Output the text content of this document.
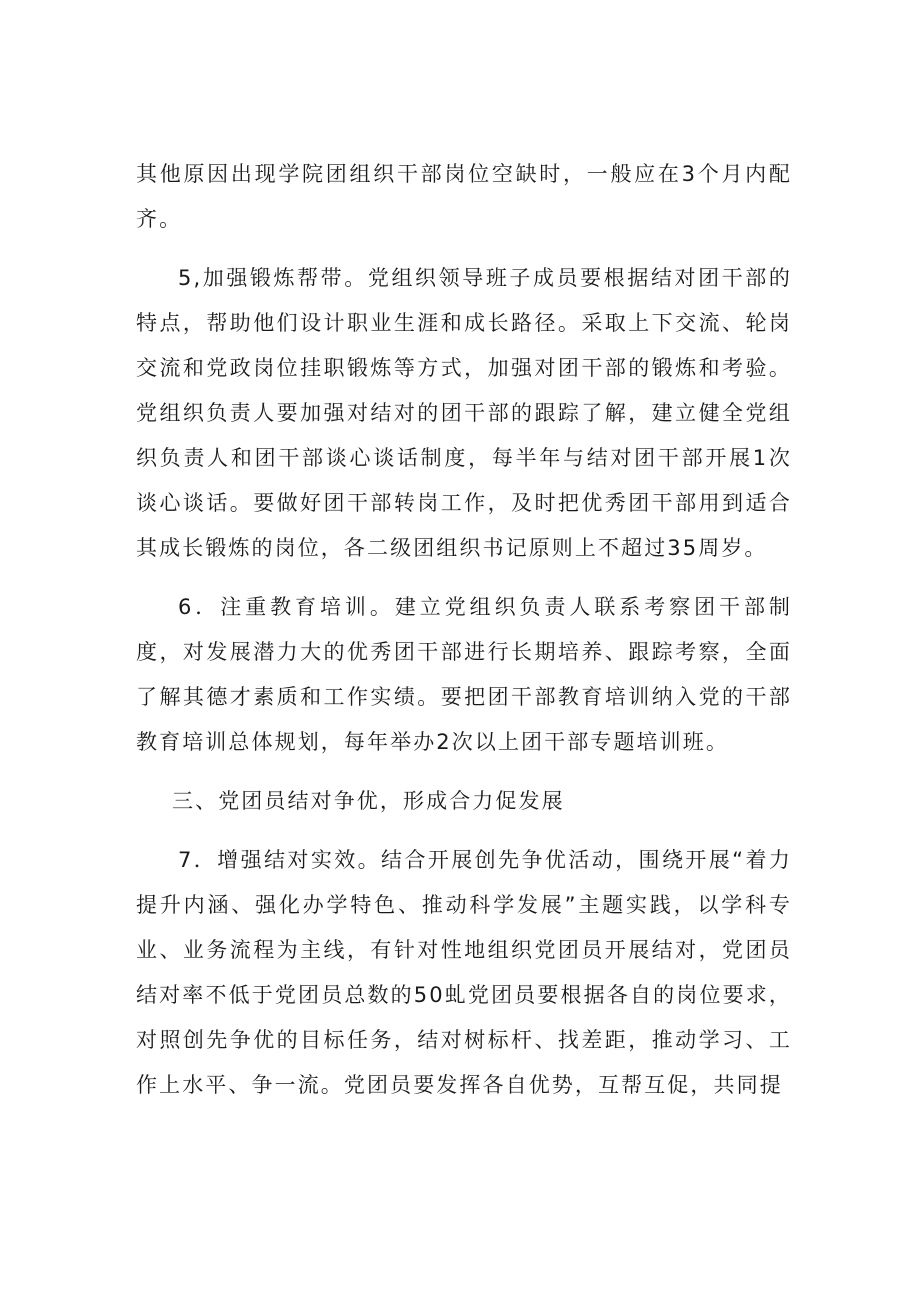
其他原因出现学院团组织干部岗位空缺时，一般应在3个月内配齐。

5,加强锻炼帮带。党组织领导班子成员要根据结对团干部的特点，帮助他们设计职业生涯和成长路径。采取上下交流、轮岗交流和党政岗位挂职锻炼等方式，加强对团干部的锻炼和考验。党组织负责人要加强对结对的团干部的跟踪了解，建立健全党组织负责人和团干部谈心谈话制度，每半年与结对团干部开展1次谈心谈话。要做好团干部转岗工作，及时把优秀团干部用到适合其成长锻炼的岗位，各二级团组织书记原则上不超过35周岁。

6．注重教育培训。建立党组织负责人联系考察团干部制度，对发展潜力大的优秀团干部进行长期培养、跟踪考察，全面了解其德才素质和工作实绩。要把团干部教育培训纳入党的干部教育培训总体规划，每年举办2次以上团干部专题培训班。

三、党团员结对争优，形成合力促发展

7．增强结对实效。结合开展创先争优活动，围绕开展“着力提升内涵、强化办学特色、推动科学发展”主题实践，以学科专业、业务流程为主线，有针对性地组织党团员开展结对，党团员结对率不低于党团员总数的50虬党团员要根据各自的岗位要求，对照创先争优的目标任务，结对树标杆、找差距，推动学习、工作上水平、争一流。党团员要发挥各自优势，互帮互促，共同提
